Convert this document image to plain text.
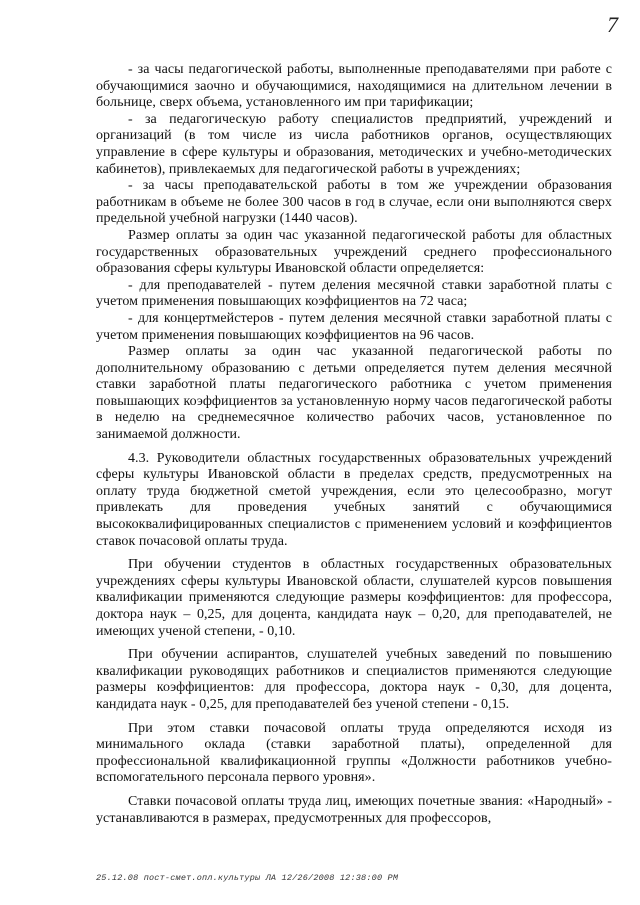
7

- за часы педагогической работы, выполненные преподавателями при работе с обучающимися заочно и обучающимися, находящимися на длительном лечении в больнице, сверх объема, установленного им при тарификации;

- за педагогическую работу специалистов предприятий, учреждений и организаций (в том числе из числа работников органов, осуществляющих управление в сфере культуры и образования, методических и учебно-методических кабинетов), привлекаемых для педагогической работы в учреждениях;

- за часы преподавательской работы в том же учреждении образования работникам в объеме не более 300 часов в год в случае, если они выполняются сверх предельной учебной нагрузки (1440 часов).

Размер оплаты за один час указанной педагогической работы для областных государственных образовательных учреждений среднего профессионального образования сферы культуры Ивановской области определяется:

- для преподавателей - путем деления месячной ставки заработной платы с учетом применения повышающих коэффициентов на 72 часа;

- для концертмейстеров - путем деления месячной ставки заработной платы с учетом применения повышающих коэффициентов на 96 часов.

Размер оплаты за один час указанной педагогической работы по дополнительному образованию с детьми определяется путем деления месячной ставки заработной платы педагогического работника с учетом применения повышающих коэффициентов за установленную норму часов педагогической работы в неделю на среднемесячное количество рабочих часов, установленное по занимаемой должности.

4.3. Руководители областных государственных образовательных учреждений сферы культуры Ивановской области в пределах средств, предусмотренных на оплату труда бюджетной сметой учреждения, если это целесообразно, могут привлекать для проведения учебных занятий с обучающимися высококвалифицированных специалистов с применением условий и коэффициентов ставок почасовой оплаты труда.

При обучении студентов в областных государственных образовательных учреждениях сферы культуры Ивановской области, слушателей курсов повышения квалификации применяются следующие размеры коэффициентов: для профессора, доктора наук – 0,25, для доцента, кандидата наук – 0,20, для преподавателей, не имеющих ученой степени, - 0,10.

При обучении аспирантов, слушателей учебных заведений по повышению квалификации руководящих работников и специалистов применяются следующие размеры коэффициентов: для профессора, доктора наук - 0,30, для доцента, кандидата наук - 0,25, для преподавателей без ученой степени - 0,15.

При этом ставки почасовой оплаты труда определяются исходя из минимального оклада (ставки заработной платы), определенной для профессиональной квалификационной группы «Должности работников учебно-вспомогательного персонала первого уровня».

Ставки почасовой оплаты труда лиц, имеющих почетные звания: «Народный» - устанавливаются в размерах, предусмотренных для профессоров,

25.12.08 пост-смет.опл.культуры ЛА 12/26/2008 12:38:00 PM
